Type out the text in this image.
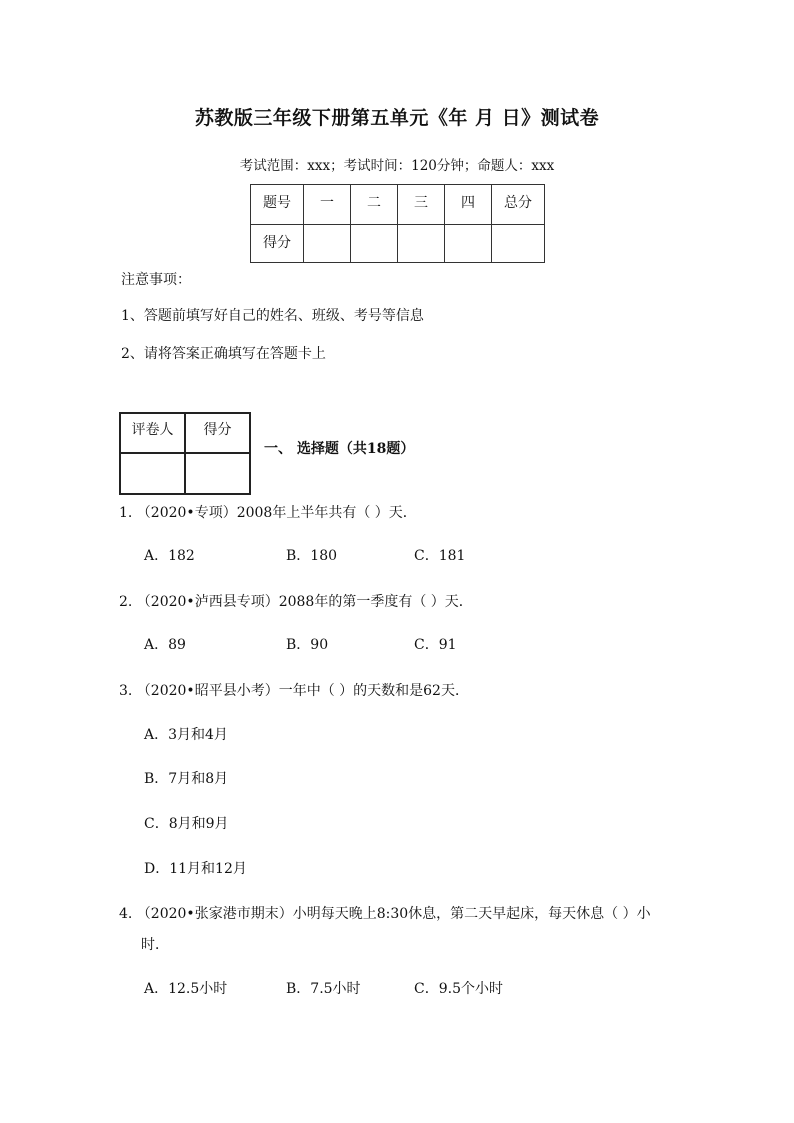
苏教版三年级下册第五单元《年 月 日》测试卷
考试范围：xxx；考试时间：120分钟；命题人：xxx
题号	一	二	三	四	总分
得分					
注意事项：
1、答题前填写好自己的姓名、班级、考号等信息
2、请将答案正确填写在答题卡上
评卷人	得分

一、 选择题（共18题）
1. （2020•专项）2008年上半年共有（ ）天．
A．182	B．180	C．181
2. （2020•泸西县专项）2088年的第一季度有（ ）天．
A．89	B．90	C．91
3. （2020•昭平县小考）一年中（ ）的天数和是62天．
A．3月和4月
B．7月和8月
C．8月和9月
D．11月和12月
4. （2020•张家港市期末）小明每天晚上8:30休息，第二天早起床，每天休息（ ）小
时．
A．12.5小时	B．7.5小时	C．9.5个小时
